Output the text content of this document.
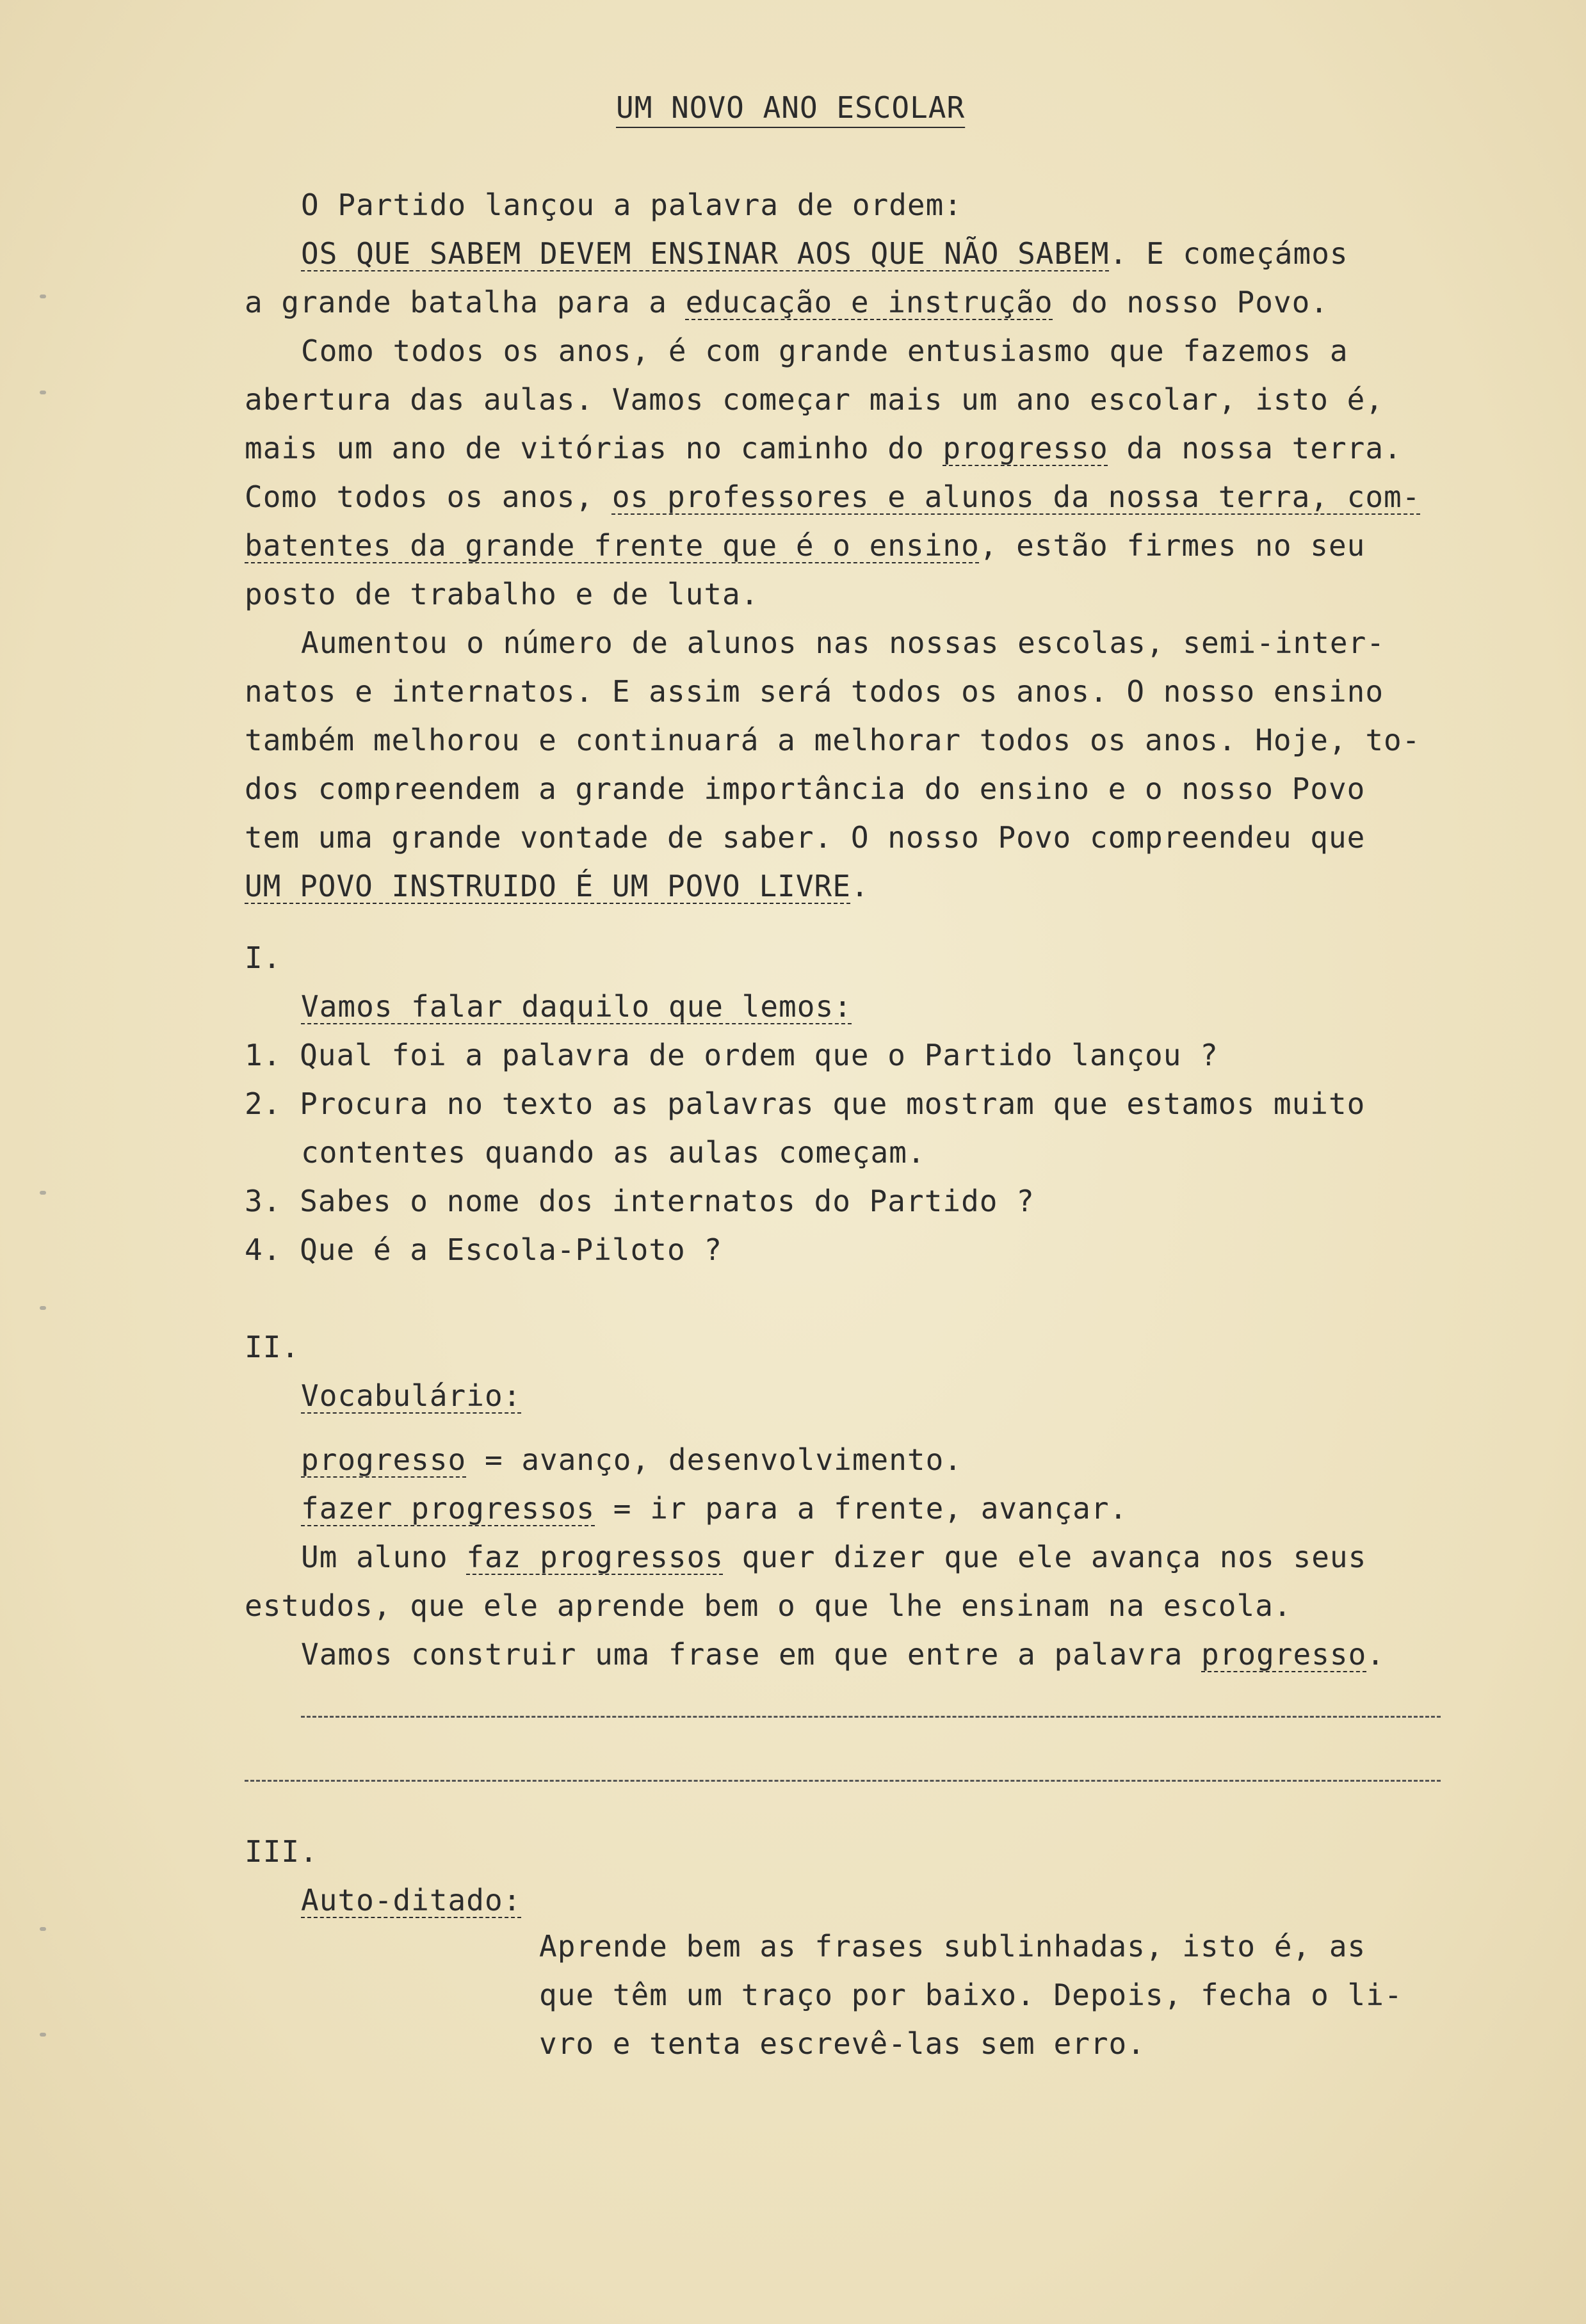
UM NOVO ANO ESCOLAR
O Partido lançou a palavra de ordem:
OS QUE SABEM DEVEM ENSINAR AOS QUE NÃO SABEM. E começámos
a grande batalha para a educação e instrução do nosso Povo.
Como todos os anos, é com grande entusiasmo que fazemos a
abertura das aulas. Vamos começar mais um ano escolar, isto é,
mais um ano de vitórias no caminho do progresso da nossa terra.
Como todos os anos, os professores e alunos da nossa terra, com-
batentes da grande frente que é o ensino, estão firmes no seu
posto de trabalho e de luta.
Aumentou o número de alunos nas nossas escolas, semi-inter-
natos e internatos. E assim será todos os anos. O nosso ensino
também melhorou e continuará a melhorar todos os anos. Hoje, to-
dos compreendem a grande importância do ensino e o nosso Povo
tem uma grande vontade de saber. O nosso Povo compreendeu que
UM POVO INSTRUIDO É UM POVO LIVRE.
I.
Vamos falar daquilo que lemos:
1. Qual foi a palavra de ordem que o Partido lançou ?
2. Procura no texto as palavras que mostram que estamos muito
contentes quando as aulas começam.
3. Sabes o nome dos internatos do Partido ?
4. Que é a Escola-Piloto ?
II.
Vocabulário:
progresso = avanço, desenvolvimento.
fazer progressos = ir para a frente, avançar.
Um aluno faz progressos quer dizer que ele avança nos seus
estudos, que ele aprende bem o que lhe ensinam na escola.
Vamos construir uma frase em que entre a palavra progresso.
III.
Auto-ditado:
Aprende bem as frases sublinhadas, isto é, as
que têm um traço por baixo. Depois, fecha o li-
vro e tenta escrevê-las sem erro.
